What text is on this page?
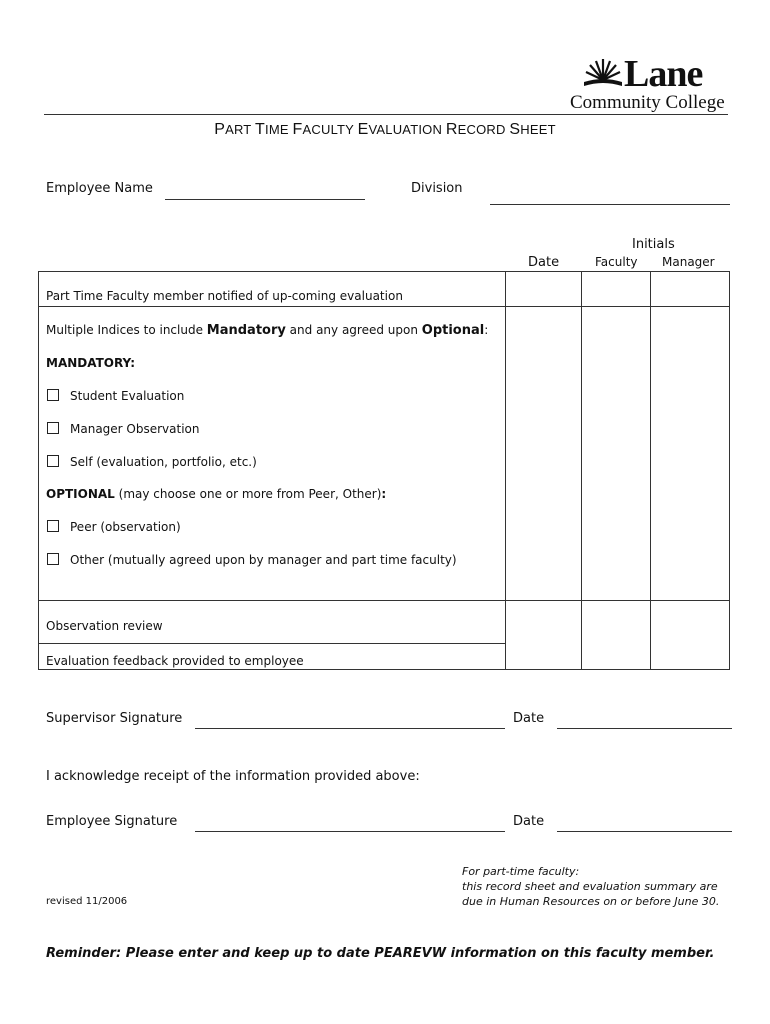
Lane
Community College
PART TIME FACULTY EVALUATION RECORD SHEET
Employee Name	Division
Initials
Date	Faculty Manager
Part Time Faculty member notified of up-coming evaluation
Multiple Indices to include Mandatory and any agreed upon Optional:
MANDATORY:
Student Evaluation
Manager Observation
Self (evaluation, portfolio, etc.)
OPTIONAL (may choose one or more from Peer, Other):
Peer (observation)
Other (mutually agreed upon by manager and part time faculty)
Observation review
Evaluation feedback provided to employee
Supervisor Signature	Date
I acknowledge receipt of the information provided above:
Employee Signature	Date
revised 11/2006
For part-time faculty:
this record sheet and evaluation summary are
due in Human Resources on or before June 30.
Reminder: Please enter and keep up to date PEAREVW information on this faculty member.
